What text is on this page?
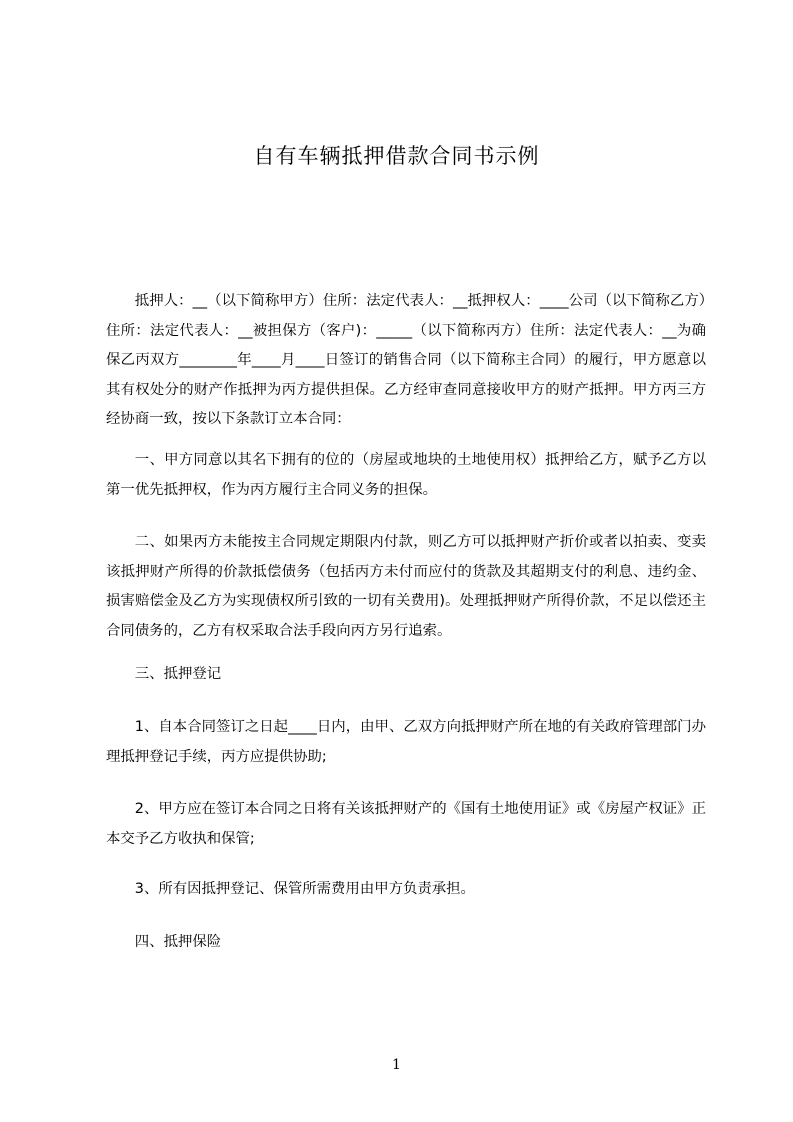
自有车辆抵押借款合同书示例

抵押人：__（以下简称甲方）住所：法定代表人：__抵押权人：____公司（以下简称乙方）住所：法定代表人：__被担保方（客户)：_____（以下简称丙方）住所：法定代表人：__为确保乙丙双方________年____月____日签订的销售合同（以下简称主合同）的履行，甲方愿意以其有权处分的财产作抵押为丙方提供担保。乙方经审查同意接收甲方的财产抵押。甲方丙三方经协商一致，按以下条款订立本合同：

一、甲方同意以其名下拥有的位的（房屋或地块的土地使用权）抵押给乙方，赋予乙方以第一优先抵押权，作为丙方履行主合同义务的担保。

二、如果丙方未能按主合同规定期限内付款，则乙方可以抵押财产折价或者以拍卖、变卖该抵押财产所得的价款抵偿债务（包括丙方未付而应付的货款及其超期支付的利息、违约金、损害赔偿金及乙方为实现债权所引致的一切有关费用)。处理抵押财产所得价款，不足以偿还主合同债务的，乙方有权采取合法手段向丙方另行追索。

三、抵押登记

1、自本合同签订之日起____日内，由甲、乙双方向抵押财产所在地的有关政府管理部门办理抵押登记手续，丙方应提供协助;

2、甲方应在签订本合同之日将有关该抵押财产的《国有土地使用证》或《房屋产权证》正本交予乙方收执和保管;

3、所有因抵押登记、保管所需费用由甲方负责承担。

四、抵押保险

1
